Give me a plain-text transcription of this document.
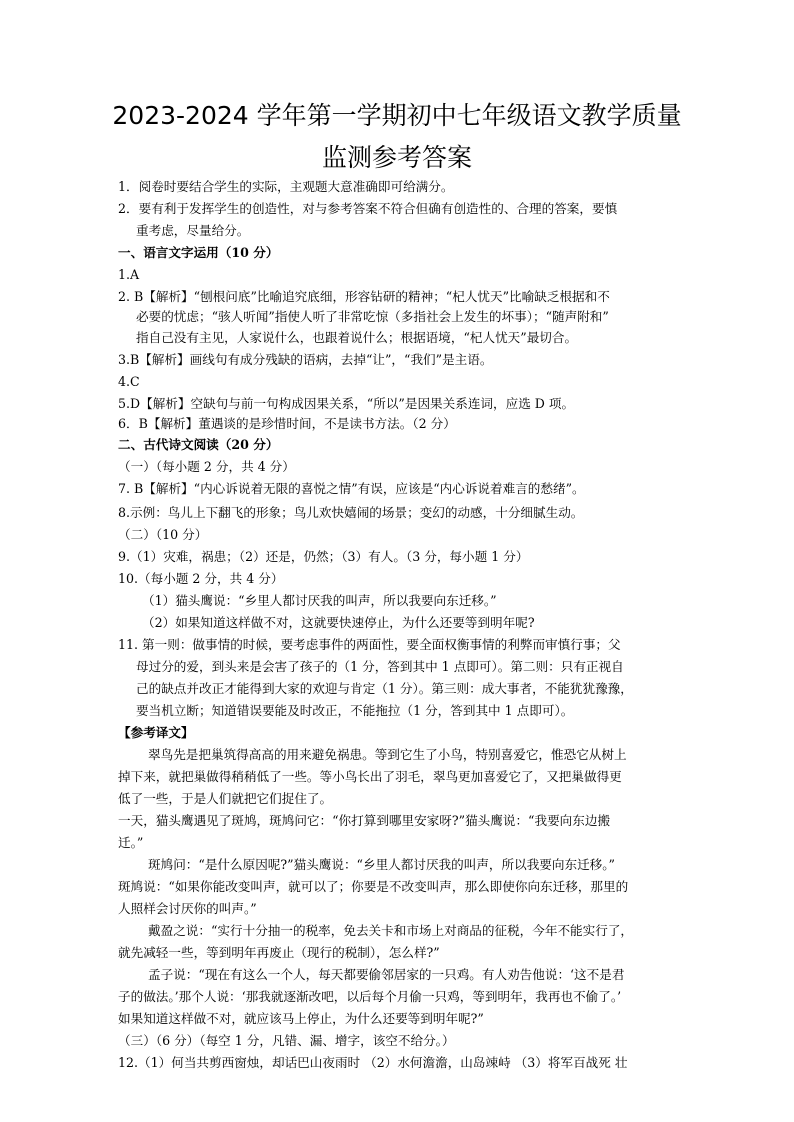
2023-2024 学年第一学期初中七年级语文教学质量
监测参考答案
1．阅卷时要结合学生的实际，主观题大意准确即可给满分。
2．要有利于发挥学生的创造性，对与参考答案不符合但确有创造性的、合理的答案，要慎
重考虑，尽量给分。
一、语言文字运用（10 分）
1.A
2. B【解析】“刨根问底”比喻追究底细，形容钻研的精神；“杞人忧天”比喻缺乏根据和不
必要的忧虑；“骇人听闻”指使人听了非常吃惊（多指社会上发生的坏事）；“随声附和”
指自己没有主见，人家说什么，也跟着说什么；根据语境，“杞人忧天”最切合。
3.B【解析】画线句有成分残缺的语病，去掉“让”，“我们”是主语。
4.C
5.D【解析】空缺句与前一句构成因果关系，“所以”是因果关系连词，应选 D 项。
6．B【解析】董遇谈的是珍惜时间，不是读书方法。（2 分）
二、古代诗文阅读（20 分）
（一）（每小题 2 分，共 4 分）
7. B【解析】“内心诉说着无限的喜悦之情”有误，应该是“内心诉说着难言的愁绪”。
8.示例：鸟儿上下翻飞的形象；鸟儿欢快嬉闹的场景；变幻的动感，十分细腻生动。
（二）（10 分）
9.（1）灾难，祸患；（2）还是，仍然；（3）有人。（3 分，每小题 1 分）
10.（每小题 2 分，共 4 分）
（1）猫头鹰说：“乡里人都讨厌我的叫声，所以我要向东迁移。”
（2）如果知道这样做不对，这就要快速停止，为什么还要等到明年呢?
11. 第一则：做事情的时候，要考虑事件的两面性，要全面权衡事情的利弊而审慎行事；父
母过分的爱，到头来是会害了孩子的（1 分，答到其中 1 点即可）。第二则：只有正视自
己的缺点并改正才能得到大家的欢迎与肯定（1 分）。第三则：成大事者，不能犹犹豫豫，
要当机立断；知道错误要能及时改正，不能拖拉（1 分，答到其中 1 点即可）。
【参考译文】
翠鸟先是把巢筑得高高的用来避免祸患。等到它生了小鸟，特别喜爱它，惟恐它从树上
掉下来，就把巢做得稍稍低了一些。等小鸟长出了羽毛，翠鸟更加喜爱它了，又把巢做得更
低了一些，于是人们就把它们捉住了。
一天，猫头鹰遇见了斑鸠，斑鸠问它：“你打算到哪里安家呀?”猫头鹰说：“我要向东边搬
迁。”
斑鸠问：“是什么原因呢?”猫头鹰说：“乡里人都讨厌我的叫声，所以我要向东迁移。”
斑鸠说：“如果你能改变叫声，就可以了；你要是不改变叫声，那么即使你向东迁移，那里的
人照样会讨厌你的叫声。”
戴盈之说：“实行十分抽一的税率，免去关卡和市场上对商品的征税，今年不能实行了，
就先减轻一些，等到明年再废止（现行的税制），怎么样?”
孟子说：“现在有这么一个人，每天都要偷邻居家的一只鸡。有人劝告他说：‘这不是君
子的做法。’那个人说：‘那我就逐渐改吧，以后每个月偷一只鸡，等到明年，我再也不偷了。’
如果知道这样做不对，就应该马上停止，为什么还要等到明年呢?”
（三）（6 分）（每空 1 分，凡错、漏、增字，该空不给分。）
12.（1）何当共剪西窗烛，却话巴山夜雨时 （2）水何澹澹，山岛竦峙 （3）将军百战死 壮
